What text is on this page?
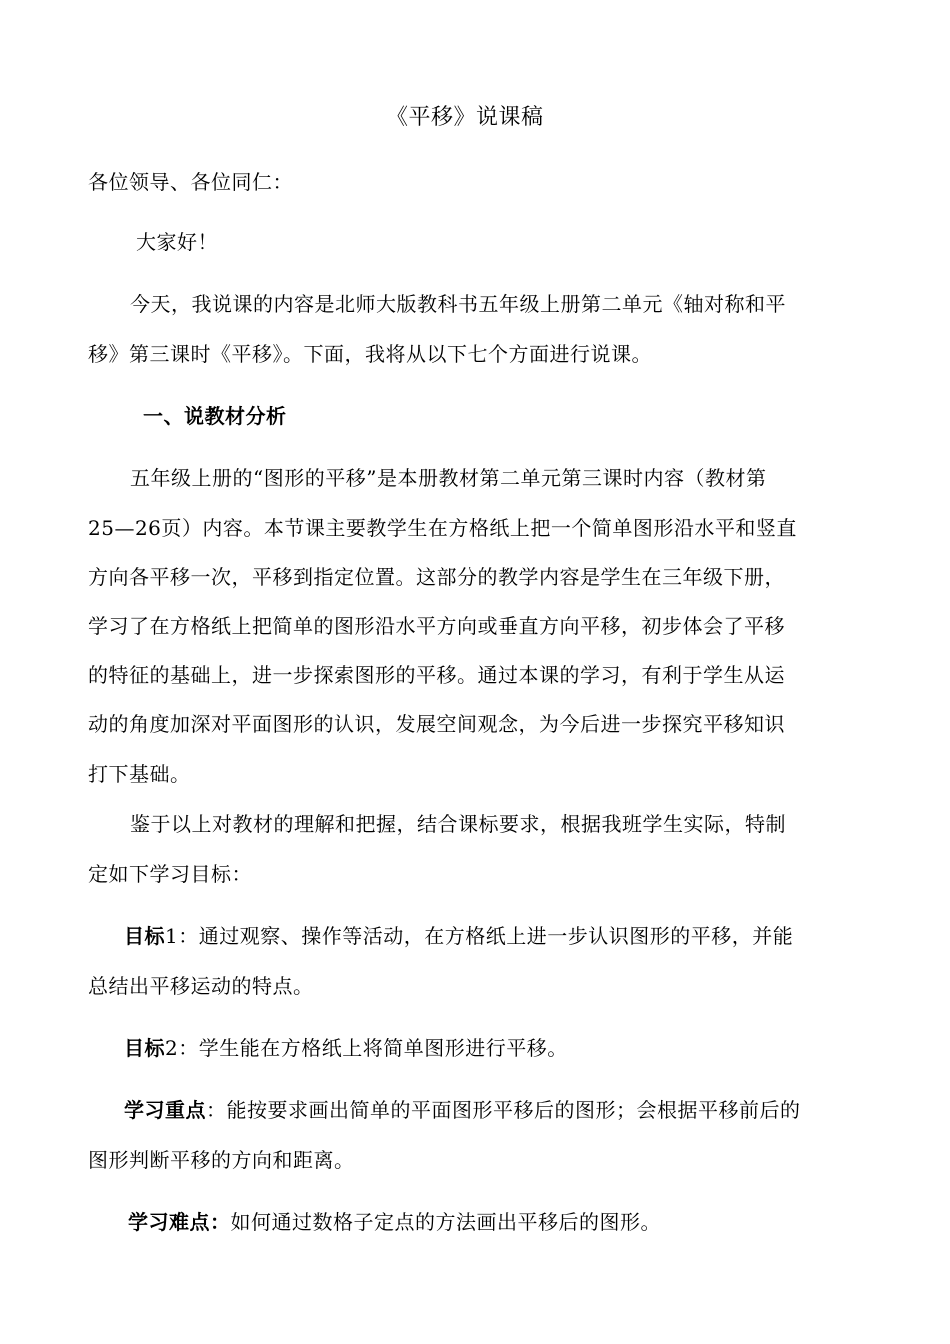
《平移》说课稿
各位领导、各位同仁：
大家好！
今天，我说课的内容是北师大版教科书五年级上册第二单元《轴对称和平
移》第三课时《平移》。下面，我将从以下七个方面进行说课。
一、说教材分析
五年级上册的“图形的平移”是本册教材第二单元第三课时内容（教材第
25—26页）内容。本节课主要教学生在方格纸上把一个简单图形沿水平和竖直
方向各平移一次，平移到指定位置。这部分的教学内容是学生在三年级下册，
学习了在方格纸上把简单的图形沿水平方向或垂直方向平移，初步体会了平移
的特征的基础上，进一步探索图形的平移。通过本课的学习，有利于学生从运
动的角度加深对平面图形的认识，发展空间观念，为今后进一步探究平移知识
打下基础。
鉴于以上对教材的理解和把握，结合课标要求，根据我班学生实际，特制
定如下学习目标：
目标1：通过观察、操作等活动，在方格纸上进一步认识图形的平移，并能
总结出平移运动的特点。
目标2：学生能在方格纸上将简单图形进行平移。
学习重点：能按要求画出简单的平面图形平移后的图形；会根据平移前后的
图形判断平移的方向和距离。
学习难点：如何通过数格子定点的方法画出平移后的图形。
